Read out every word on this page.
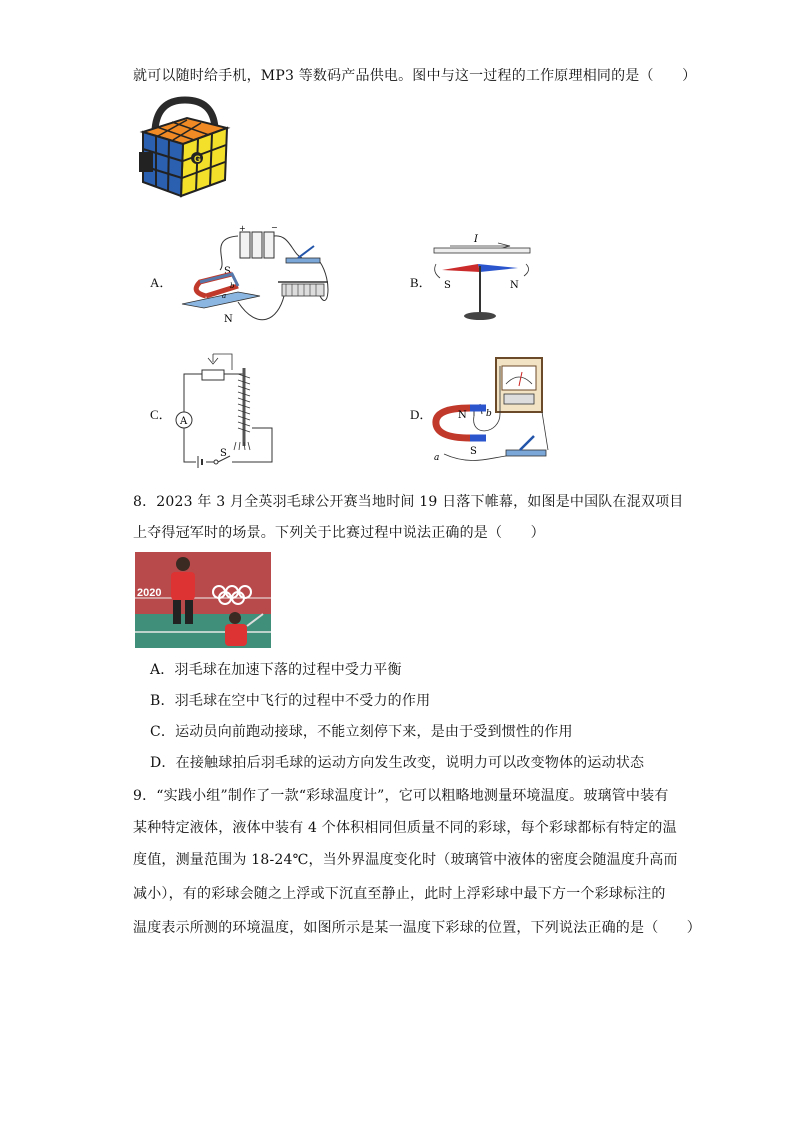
就可以随时给手机，MP3 等数码产品供电。图中与这一过程的工作原理相同的是（　　）
G
A．
+	−
S
a
b
N
B．
I
S	N
C． A
S
D．	N
S
b
a
8．2023 年 3 月全英羽毛球公开赛当地时间 19 日落下帷幕，如图是中国队在混双项目
上夺得冠军时的场景。下列关于比赛过程中说法正确的是（　　）
2020
A．羽毛球在加速下落的过程中受力平衡
B．羽毛球在空中飞行的过程中不受力的作用
C．运动员向前跑动接球，不能立刻停下来，是由于受到惯性的作用
D．在接触球拍后羽毛球的运动方向发生改变，说明力可以改变物体的运动状态
9．“实践小组”制作了一款“彩球温度计”，它可以粗略地测量环境温度。玻璃管中装有
某种特定液体，液体中装有 4 个体积相同但质量不同的彩球，每个彩球都标有特定的温
度值，测量范围为 18-24℃，当外界温度变化时（玻璃管中液体的密度会随温度升高而
减小），有的彩球会随之上浮或下沉直至静止，此时上浮彩球中最下方一个彩球标注的
温度表示所测的环境温度，如图所示是某一温度下彩球的位置，下列说法正确的是（　　）
